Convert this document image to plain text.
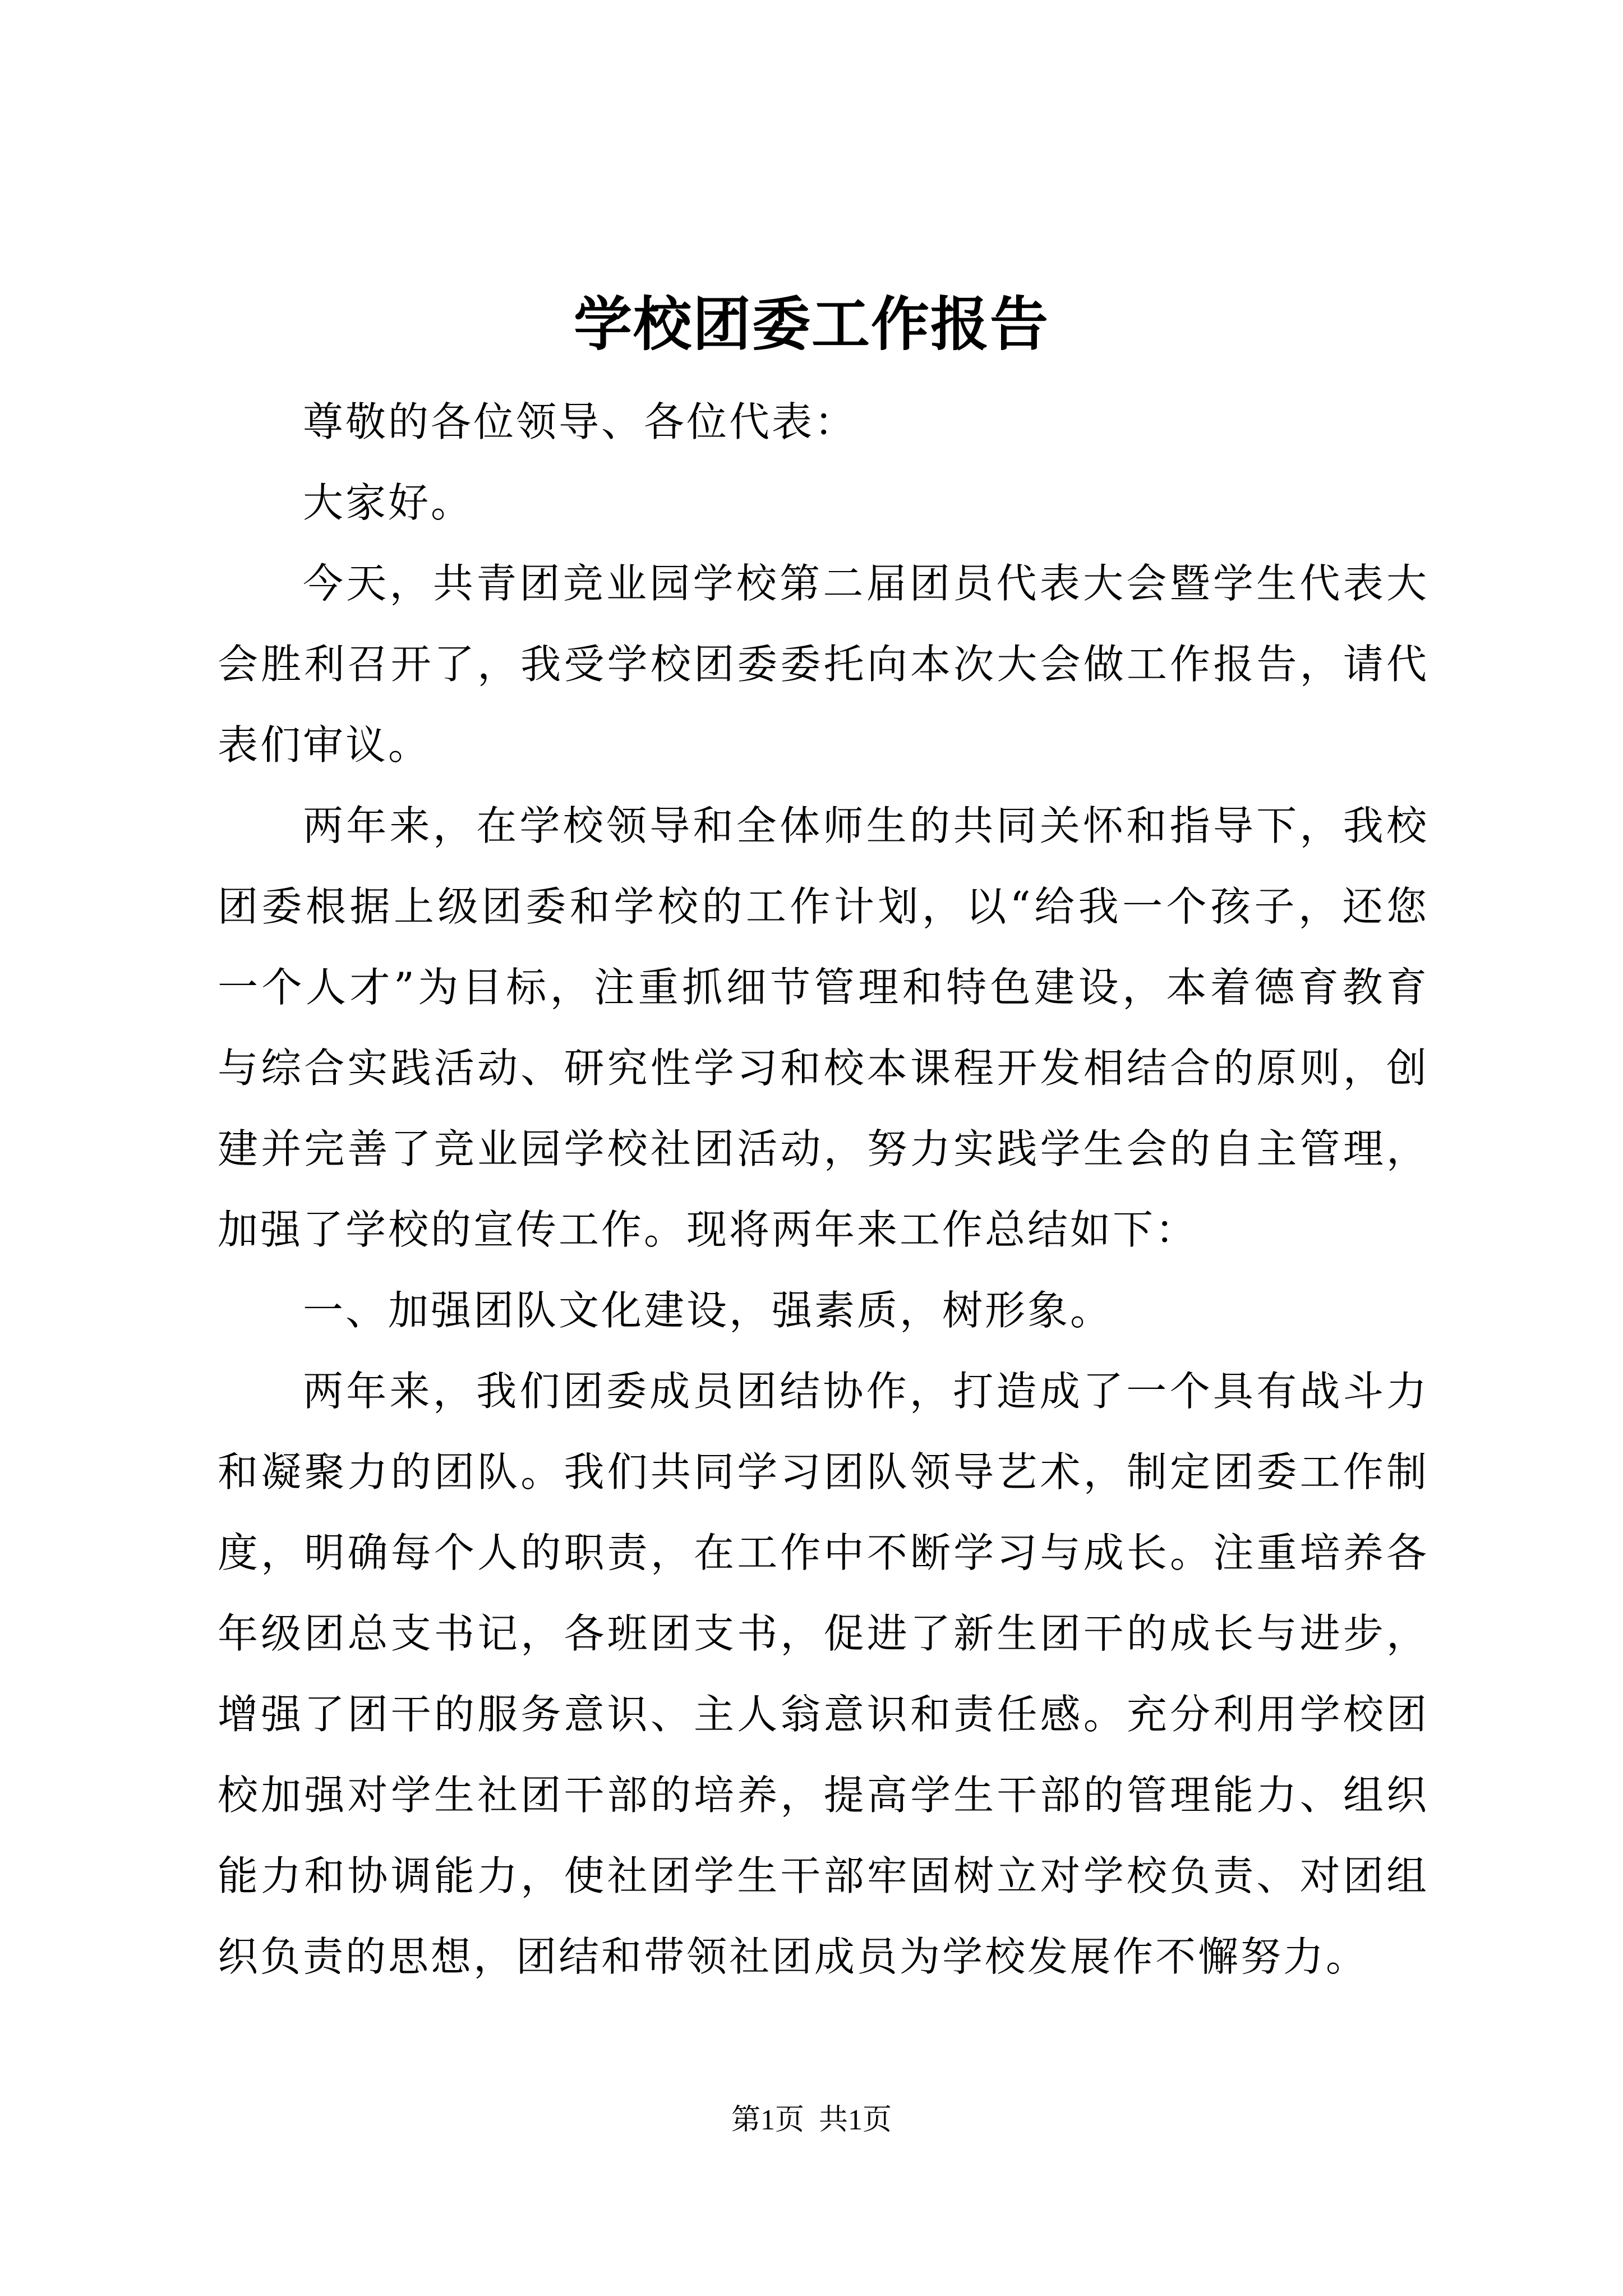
学校团委工作报告

尊敬的各位领导、各位代表：

大家好。

今天，共青团竞业园学校第二届团员代表大会暨学生代表大会胜利召开了，我受学校团委委托向本次大会做工作报告，请代表们审议。

两年来，在学校领导和全体师生的共同关怀和指导下，我校团委根据上级团委和学校的工作计划，以“给我一个孩子，还您一个人才”为目标，注重抓细节管理和特色建设，本着德育教育与综合实践活动、研究性学习和校本课程开发相结合的原则，创建并完善了竞业园学校社团活动，努力实践学生会的自主管理，加强了学校的宣传工作。现将两年来工作总结如下：

一、加强团队文化建设，强素质，树形象。

两年来，我们团委成员团结协作，打造成了一个具有战斗力和凝聚力的团队。我们共同学习团队领导艺术，制定团委工作制度，明确每个人的职责，在工作中不断学习与成长。注重培养各年级团总支书记，各班团支书，促进了新生团干的成长与进步，增强了团干的服务意识、主人翁意识和责任感。充分利用学校团校加强对学生社团干部的培养，提高学生干部的管理能力、组织能力和协调能力，使社团学生干部牢固树立对学校负责、对团组织负责的思想，团结和带领社团成员为学校发展作不懈努力。

第1页 共1页
